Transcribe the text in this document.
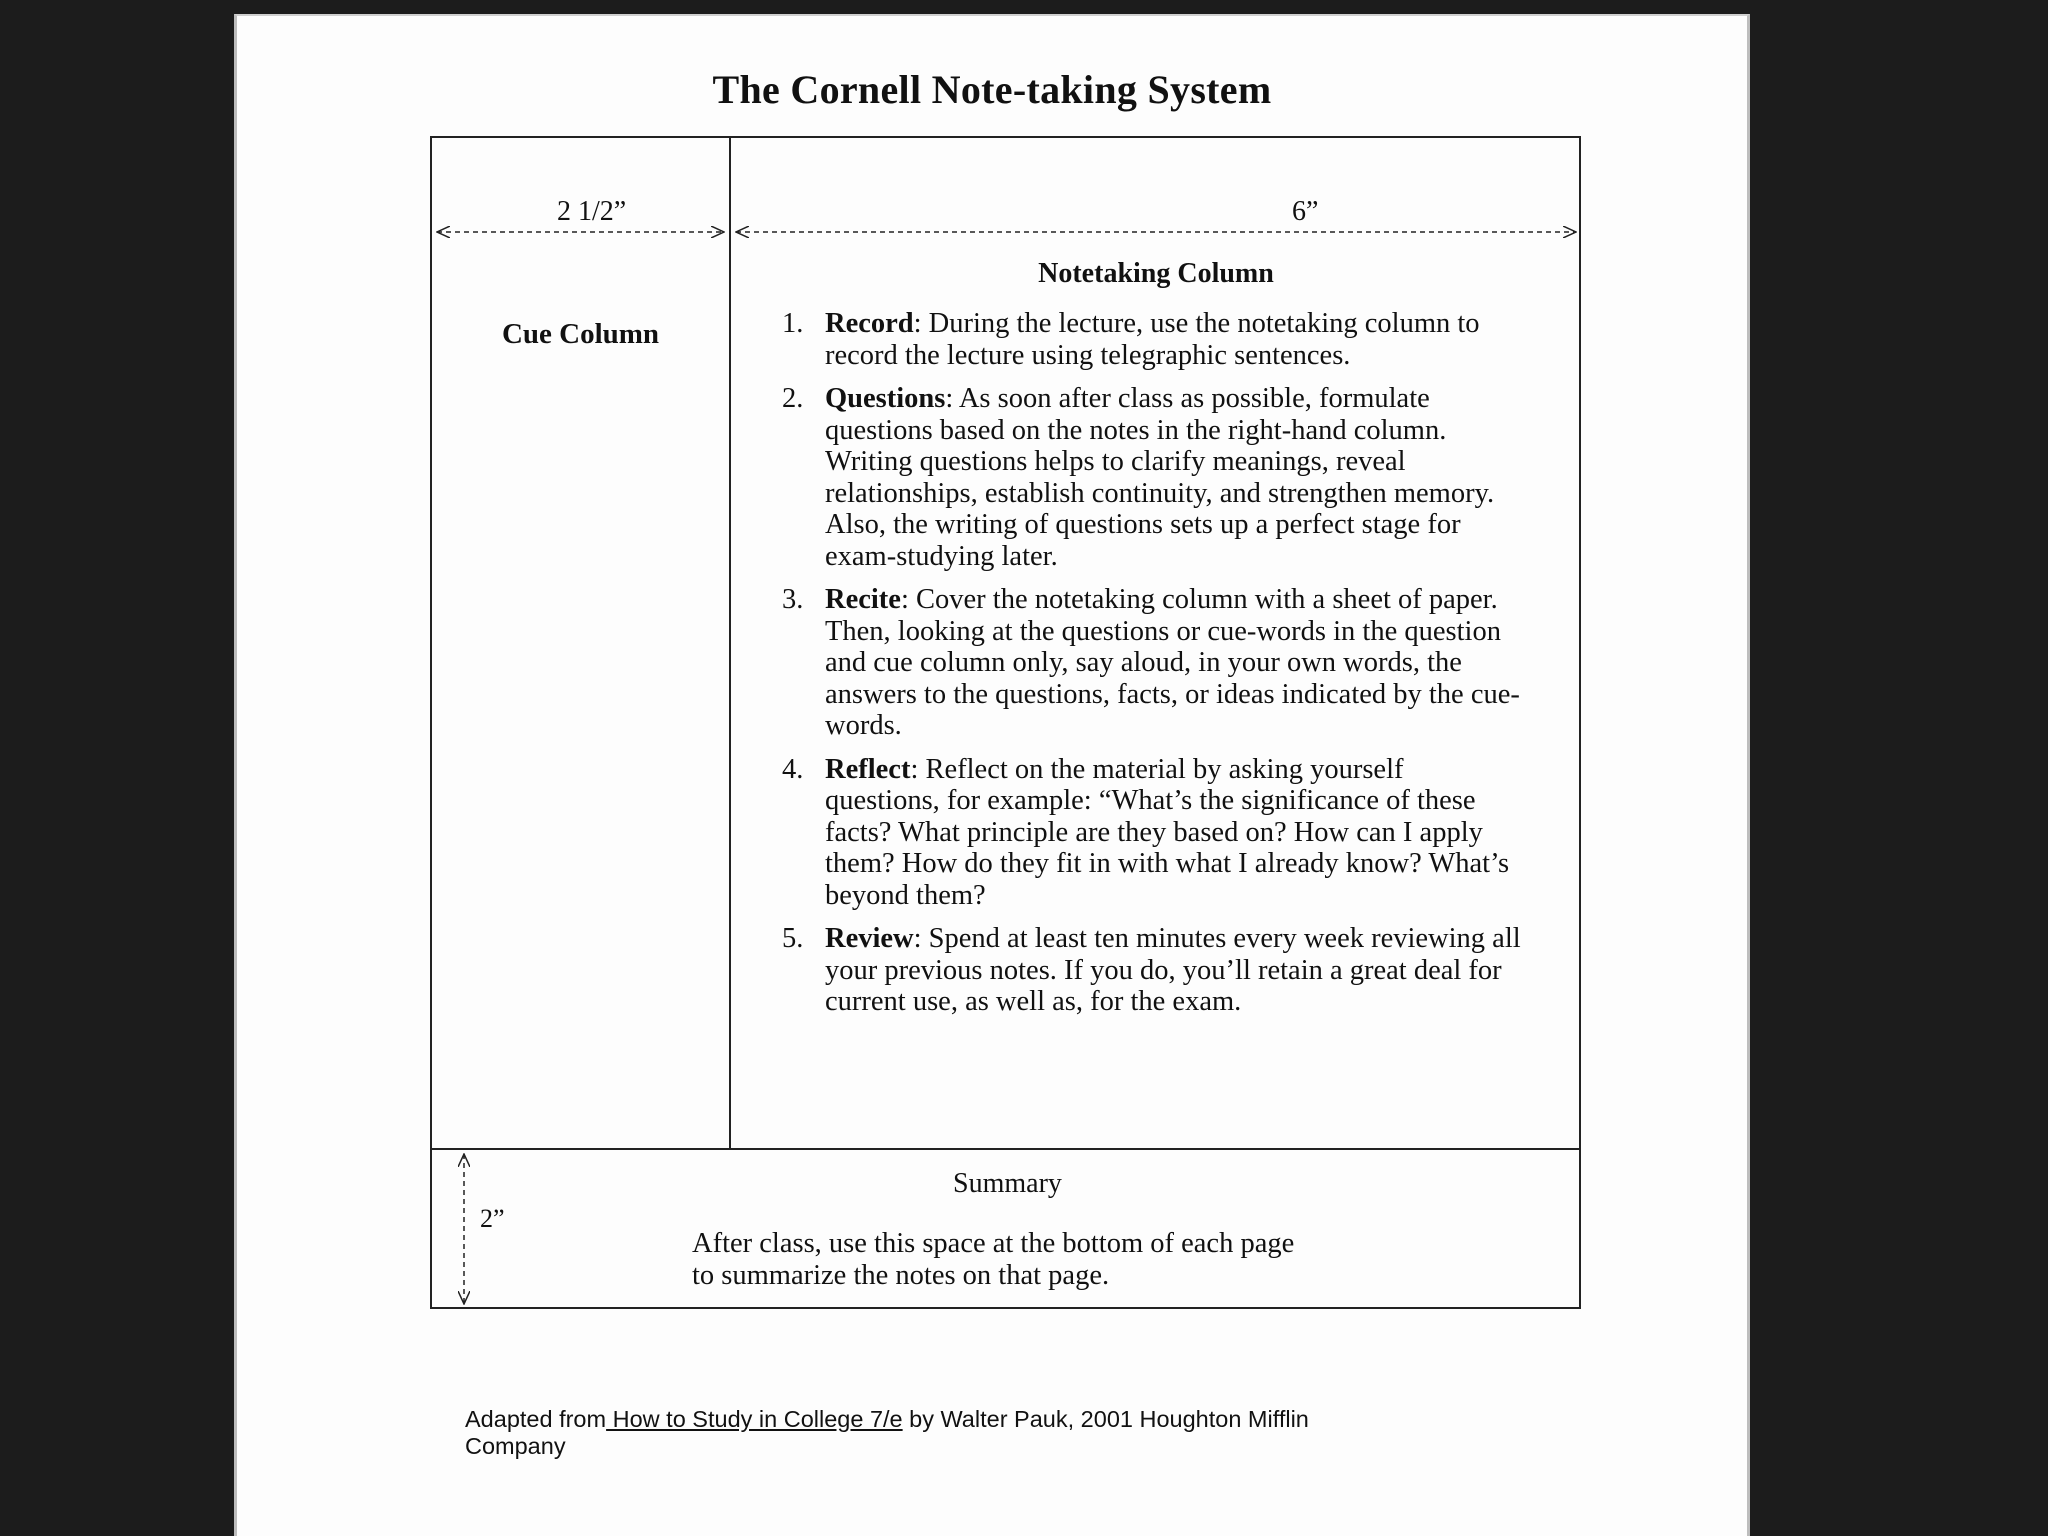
The Cornell Note-taking System
2 1/2”	6”
Cue Column
Notetaking Column
1. Record: During the lecture, use the notetaking column to record the lecture using telegraphic sentences.
2. Questions: As soon after class as possible, formulate questions based on the notes in the right-hand column. Writing questions helps to clarify meanings, reveal relationships, establish continuity, and strengthen memory. Also, the writing of questions sets up a perfect stage for exam-studying later.
3. Recite: Cover the notetaking column with a sheet of paper. Then, looking at the questions or cue-words in the question and cue column only, say aloud, in your own words, the answers to the questions, facts, or ideas indicated by the cue-words.
4. Reflect: Reflect on the material by asking yourself questions, for example: “What’s the significance of these facts? What principle are they based on? How can I apply them? How do they fit in with what I already know? What’s beyond them?
5. Review: Spend at least ten minutes every week reviewing all your previous notes. If you do, you’ll retain a great deal for current use, as well as, for the exam.
2”
Summary
After class, use this space at the bottom of each page
to summarize the notes on that page.
Adapted from How to Study in College 7/e by Walter Pauk, 2001 Houghton Mifflin
Company
